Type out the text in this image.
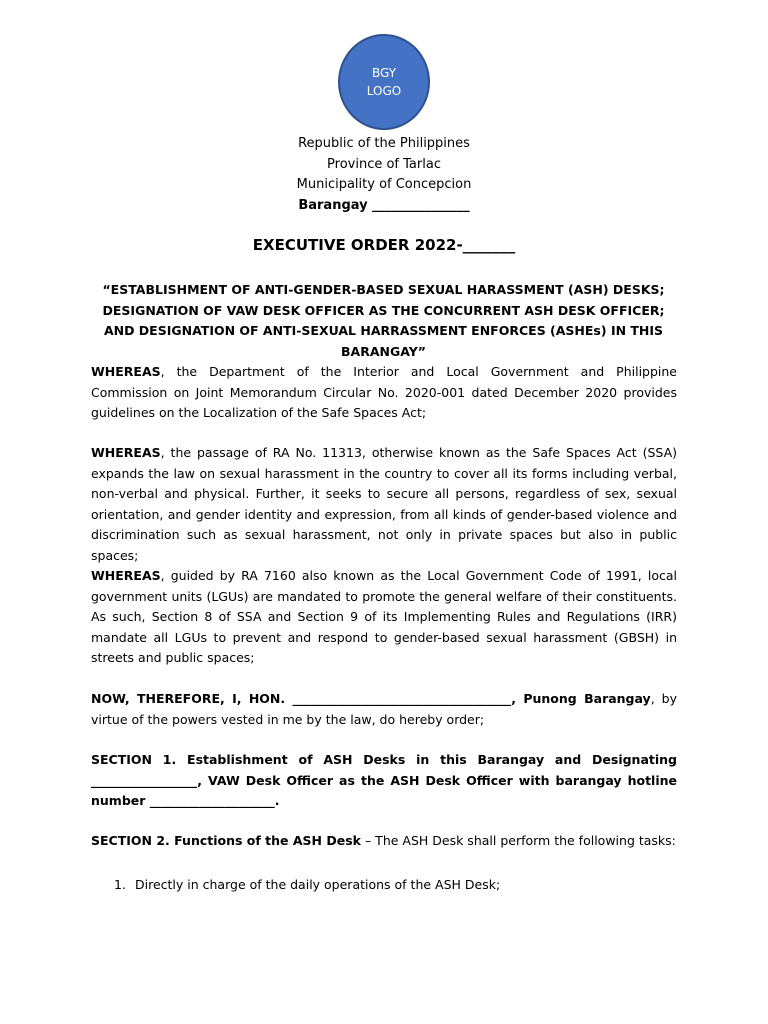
BGY
LOGO
Republic of the Philippines
Province of Tarlac
Municipality of Concepcion
Barangay _______________
EXECUTIVE ORDER 2022-_______
“ESTABLISHMENT OF ANTI-GENDER-BASED SEXUAL HARASSMENT (ASH) DESKS; DESIGNATION OF VAW DESK OFFICER AS THE CONCURRENT ASH DESK OFFICER; AND DESIGNATION OF ANTI-SEXUAL HARRASSMENT ENFORCES (ASHEs) IN THIS BARANGAY”
WHEREAS, the Department of the Interior and Local Government and Philippine Commission on Joint Memorandum Circular No. 2020-001 dated December 2020 provides guidelines on the Localization of the Safe Spaces Act;
WHEREAS, the passage of RA No. 11313, otherwise known as the Safe Spaces Act (SSA) expands the law on sexual harassment in the country to cover all its forms including verbal, non-verbal and physical. Further, it seeks to secure all persons, regardless of sex, sexual orientation, and gender identity and expression, from all kinds of gender-based violence and discrimination such as sexual harassment, not only in private spaces but also in public spaces;
WHEREAS, guided by RA 7160 also known as the Local Government Code of 1991, local government units (LGUs) are mandated to promote the general welfare of their constituents. As such, Section 8 of SSA and Section 9 of its Implementing Rules and Regulations (IRR) mandate all LGUs to prevent and respond to gender-based sexual harassment (GBSH) in streets and public spaces;
NOW, THEREFORE, I, HON. ___________________________________, Punong Barangay, by virtue of the powers vested in me by the law, do hereby order;
SECTION 1. Establishment of ASH Desks in this Barangay and Designating _________________, VAW Desk Officer as the ASH Desk Officer with barangay hotline number ____________________.
SECTION 2. Functions of the ASH Desk – The ASH Desk shall perform the following tasks:
1. Directly in charge of the daily operations of the ASH Desk;
